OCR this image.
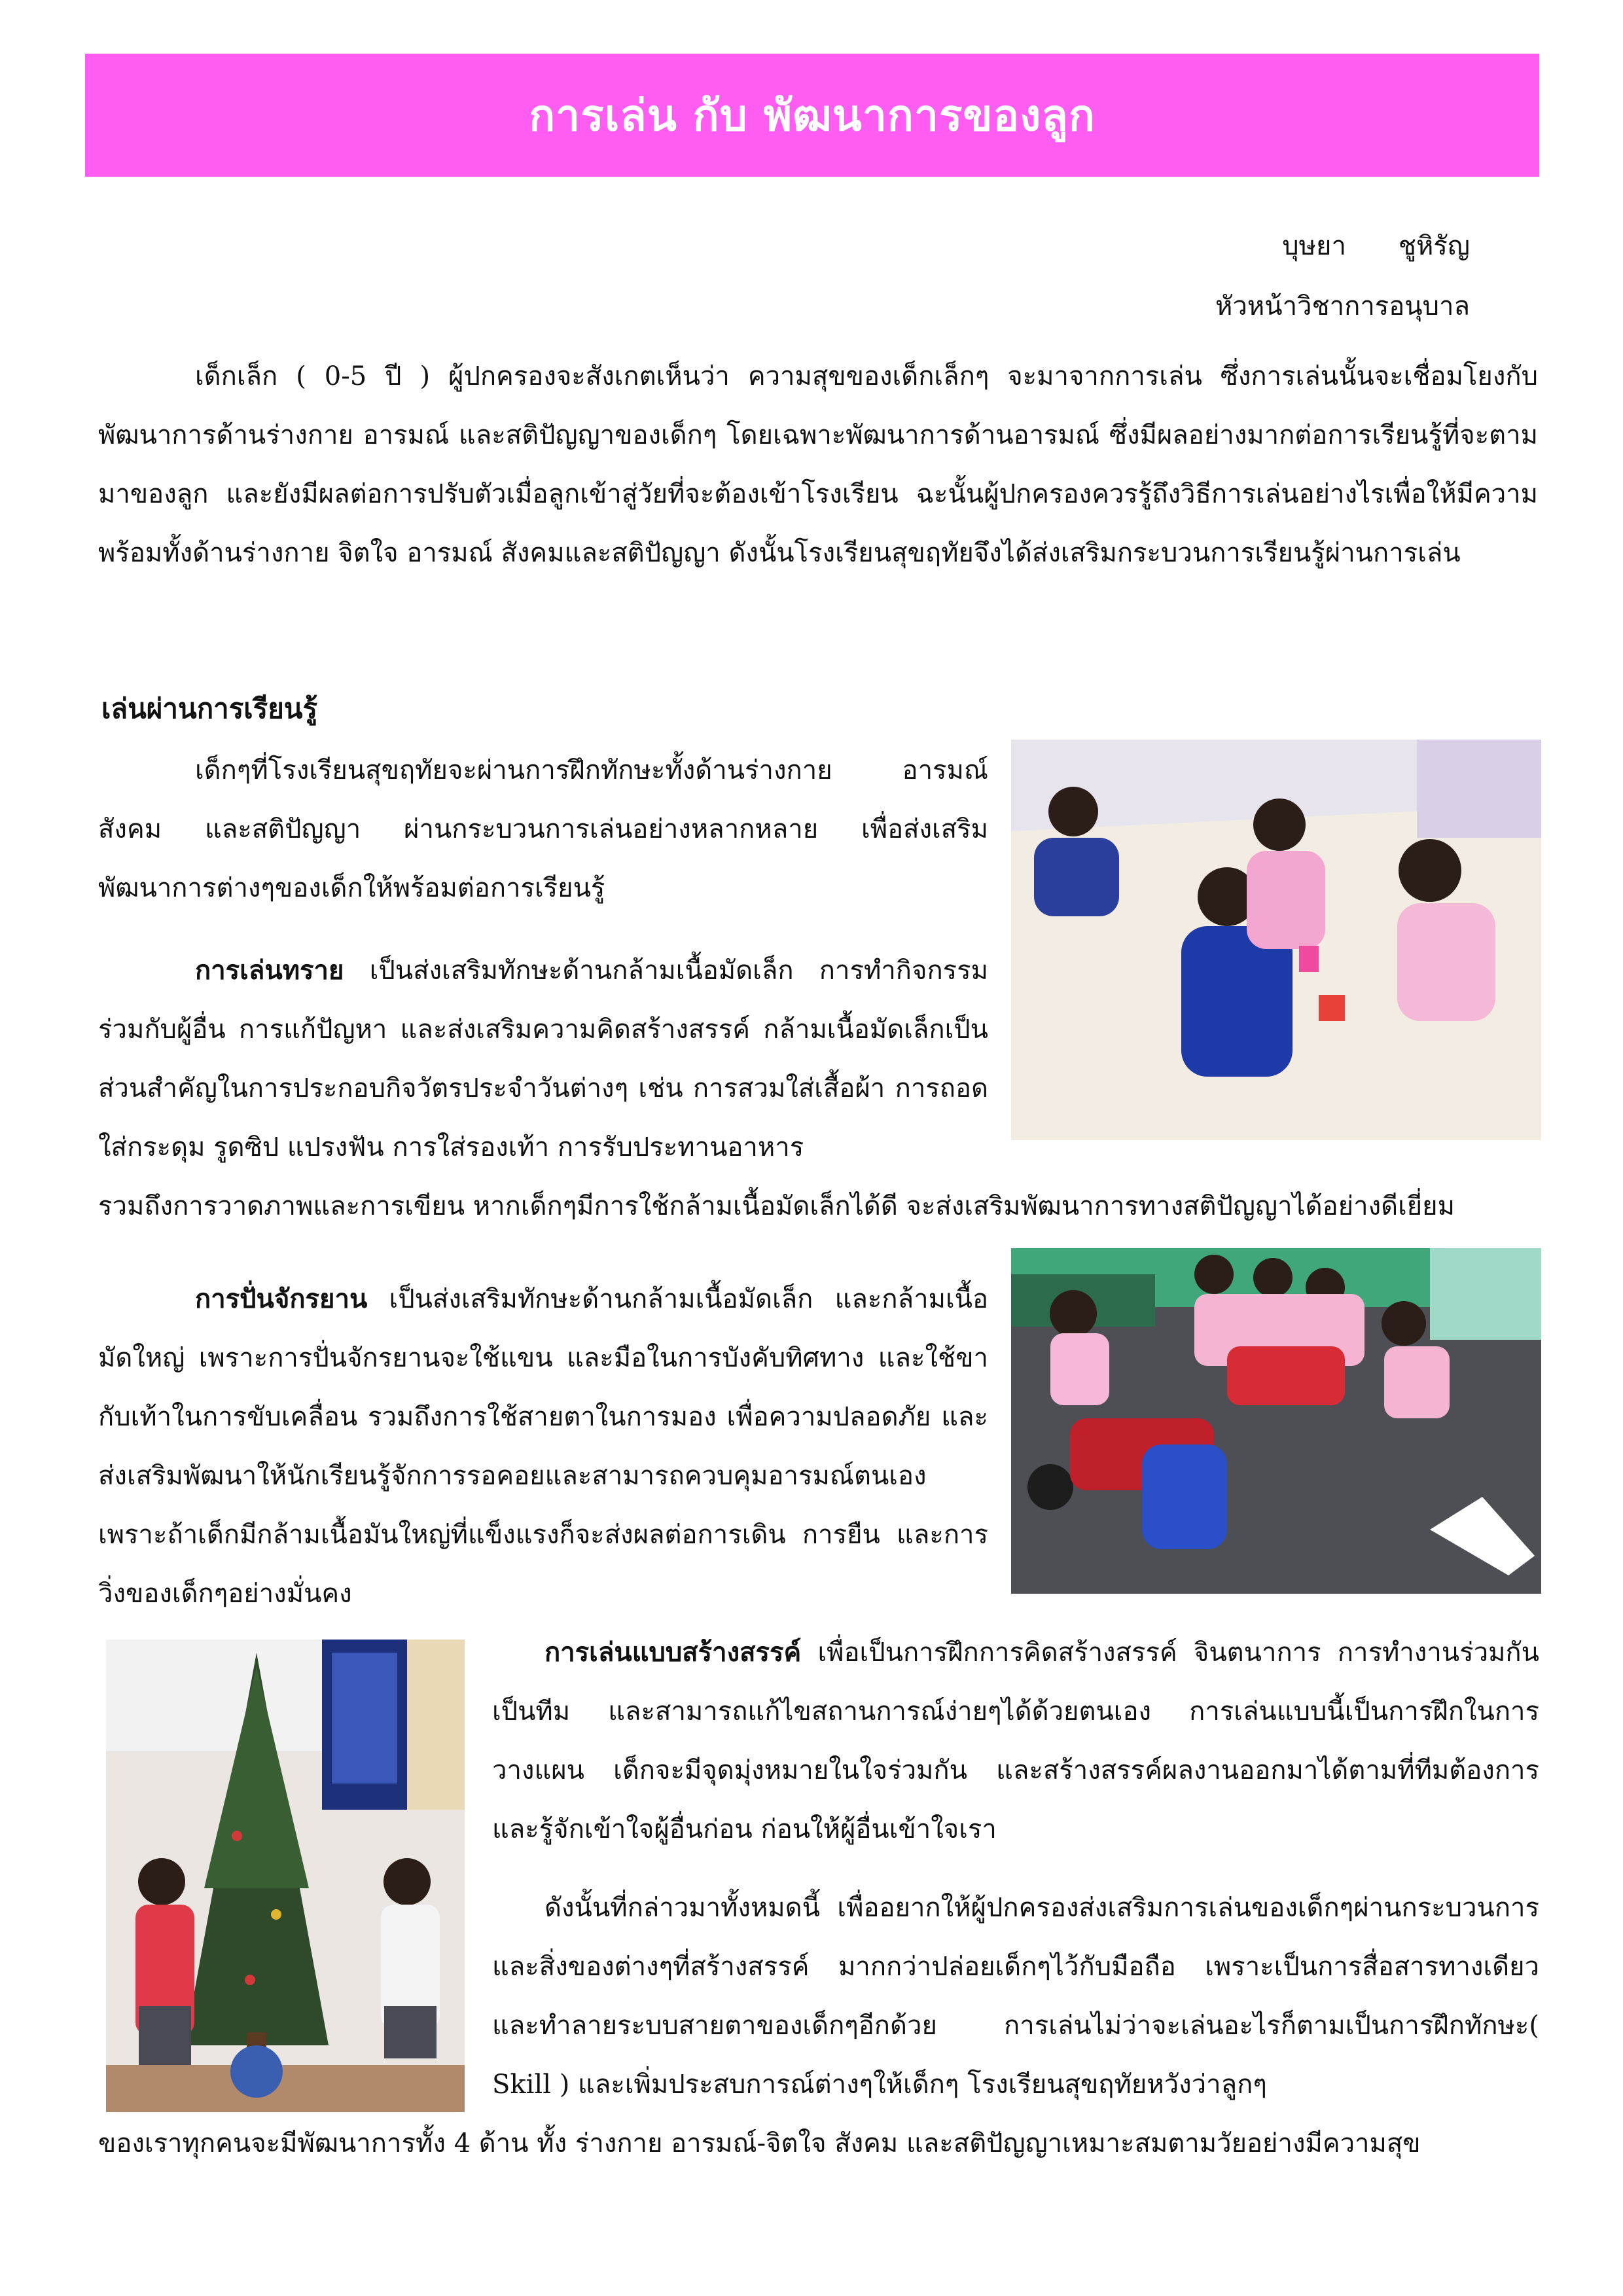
การเล่น กับ พัฒนาการของลูก
บุษยา ชูหิรัญ
หัวหน้าวิชาการอนุบาล

เด็กเล็ก ( 0-5 ปี ) ผู้ปกครองจะสังเกตเห็นว่า ความสุขของเด็กเล็กๆ จะมาจากการเล่น ซึ่งการเล่นนั้นจะเชื่อมโยงกับพัฒนาการด้านร่างกาย อารมณ์ และสติปัญญาของเด็กๆ โดยเฉพาะพัฒนาการด้านอารมณ์ ซึ่งมีผลอย่างมากต่อการเรียนรู้ที่จะตามมาของลูก และยังมีผลต่อการปรับตัวเมื่อลูกเข้าสู่วัยที่จะต้องเข้าโรงเรียน ฉะนั้นผู้ปกครองควรรู้ถึงวิธีการเล่นอย่างไรเพื่อให้มีความพร้อมทั้งด้านร่างกาย จิตใจ อารมณ์ สังคมและสติปัญญา ดังนั้นโรงเรียนสุขฤทัยจึงได้ส่งเสริมกระบวนการเรียนรู้ผ่านการเล่น

เล่นผ่านการเรียนรู้

เด็กๆที่โรงเรียนสุขฤทัยจะผ่านการฝึกทักษะทั้งด้านร่างกาย อารมณ์ สังคม และสติปัญญา ผ่านกระบวนการเล่นอย่างหลากหลาย เพื่อส่งเสริมพัฒนาการต่างๆของเด็กให้พร้อมต่อการเรียนรู้

การเล่นทราย เป็นส่งเสริมทักษะด้านกล้ามเนื้อมัดเล็ก การทำกิจกรรมร่วมกับผู้อื่น การแก้ปัญหา และส่งเสริมความคิดสร้างสรรค์ กล้ามเนื้อมัดเล็กเป็นส่วนสำคัญในการประกอบกิจวัตรประจำวันต่างๆ เช่น การสวมใส่เสื้อผ้า การถอดใส่กระดุม รูดซิป แปรงฟัน การใส่รองเท้า การรับประทานอาหาร

รวมถึงการวาดภาพและการเขียน หากเด็กๆมีการใช้กล้ามเนื้อมัดเล็กได้ดี จะส่งเสริมพัฒนาการทางสติปัญญาได้อย่างดีเยี่ยม

การปั่นจักรยาน เป็นส่งเสริมทักษะด้านกล้ามเนื้อมัดเล็ก และกล้ามเนื้อมัดใหญ่ เพราะการปั่นจักรยานจะใช้แขน และมือในการบังคับทิศทาง และใช้ขากับเท้าในการขับเคลื่อน รวมถึงการใช้สายตาในการมอง เพื่อความปลอดภัย และส่งเสริมพัฒนาให้นักเรียนรู้จักการรอคอยและสามารถควบคุมอารมณ์ตนเอง เพราะถ้าเด็กมีกล้ามเนื้อมันใหญ่ที่แข็งแรงก็จะส่งผลต่อการเดิน การยืน และการวิ่งของเด็กๆอย่างมั่นคง

การเล่นแบบสร้างสรรค์ เพื่อเป็นการฝึกการคิดสร้างสรรค์ จินตนาการ การทำงานร่วมกันเป็นทีม และสามารถแก้ไขสถานการณ์ง่ายๆได้ด้วยตนเอง การเล่นแบบนี้เป็นการฝึกในการวางแผน เด็กจะมีจุดมุ่งหมายในใจร่วมกัน และสร้างสรรค์ผลงานออกมาได้ตามที่ทีมต้องการและรู้จักเข้าใจผู้อื่นก่อน ก่อนให้ผู้อื่นเข้าใจเรา

ดังนั้นที่กล่าวมาทั้งหมดนี้ เพื่ออยากให้ผู้ปกครองส่งเสริมการเล่นของเด็กๆผ่านกระบวนการและสิ่งของต่างๆที่สร้างสรรค์ มากกว่าปล่อยเด็กๆไว้กับมือถือ เพราะเป็นการสื่อสารทางเดียว และทำลายระบบสายตาของเด็กๆอีกด้วย การเล่นไม่ว่าจะเล่นอะไรก็ตามเป็นการฝึกทักษะ( Skill ) และเพิ่มประสบการณ์ต่างๆให้เด็กๆ โรงเรียนสุขฤทัยหวังว่าลูกๆ

ของเราทุกคนจะมีพัฒนาการทั้ง 4 ด้าน ทั้ง ร่างกาย อารมณ์-จิตใจ สังคม และสติปัญญาเหมาะสมตามวัยอย่างมีความสุข
